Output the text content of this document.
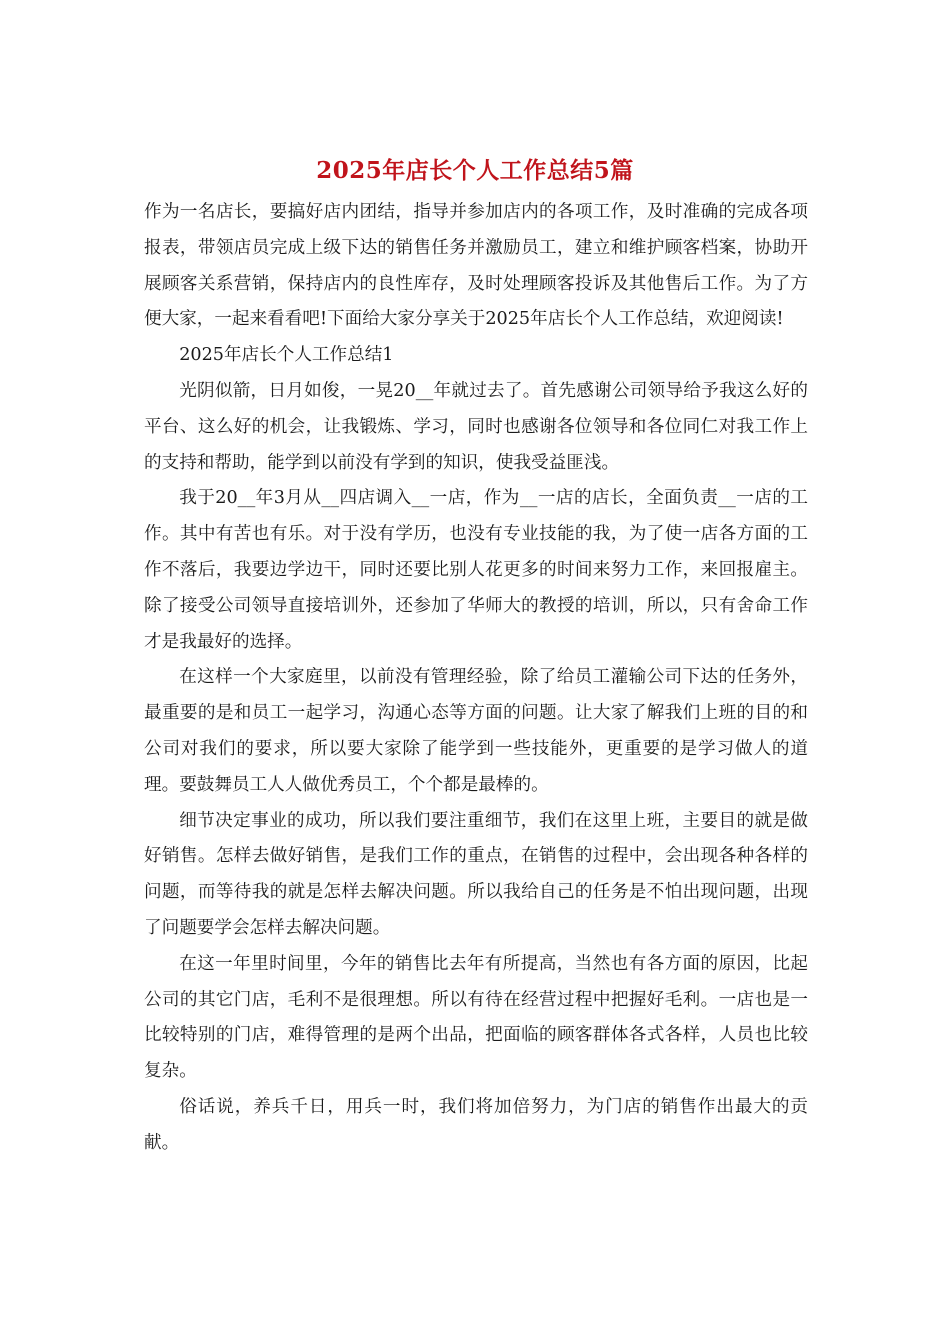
2025年店长个人工作总结5篇

作为一名店长，要搞好店内团结，指导并参加店内的各项工作，及时准确的完成各项报表，带领店员完成上级下达的销售任务并激励员工，建立和维护顾客档案，协助开展顾客关系营销，保持店内的良性库存，及时处理顾客投诉及其他售后工作。为了方便大家，一起来看看吧!下面给大家分享关于2025年店长个人工作总结，欢迎阅读!

2025年店长个人工作总结1

光阴似箭，日月如俊，一晃20__年就过去了。首先感谢公司领导给予我这么好的平台、这么好的机会，让我锻炼、学习，同时也感谢各位领导和各位同仁对我工作上的支持和帮助，能学到以前没有学到的知识，使我受益匪浅。

我于20__年3月从__四店调入__一店，作为__一店的店长，全面负责__一店的工作。其中有苦也有乐。对于没有学历，也没有专业技能的我，为了使一店各方面的工作不落后，我要边学边干，同时还要比别人花更多的时间来努力工作，来回报雇主。除了接受公司领导直接培训外，还参加了华师大的教授的培训，所以，只有舍命工作才是我最好的选择。

在这样一个大家庭里，以前没有管理经验，除了给员工灌输公司下达的任务外，最重要的是和员工一起学习，沟通心态等方面的问题。让大家了解我们上班的目的和公司对我们的要求，所以要大家除了能学到一些技能外，更重要的是学习做人的道理。要鼓舞员工人人做优秀员工，个个都是最棒的。

细节决定事业的成功，所以我们要注重细节，我们在这里上班，主要目的就是做好销售。怎样去做好销售，是我们工作的重点，在销售的过程中，会出现各种各样的问题，而等待我的就是怎样去解决问题。所以我给自己的任务是不怕出现问题，出现了问题要学会怎样去解决问题。

在这一年里时间里，今年的销售比去年有所提高，当然也有各方面的原因，比起公司的其它门店，毛利不是很理想。所以有待在经营过程中把握好毛利。一店也是一比较特别的门店，难得管理的是两个出品，把面临的顾客群体各式各样，人员也比较复杂。

俗话说，养兵千日，用兵一时，我们将加倍努力，为门店的销售作出最大的贡献。
